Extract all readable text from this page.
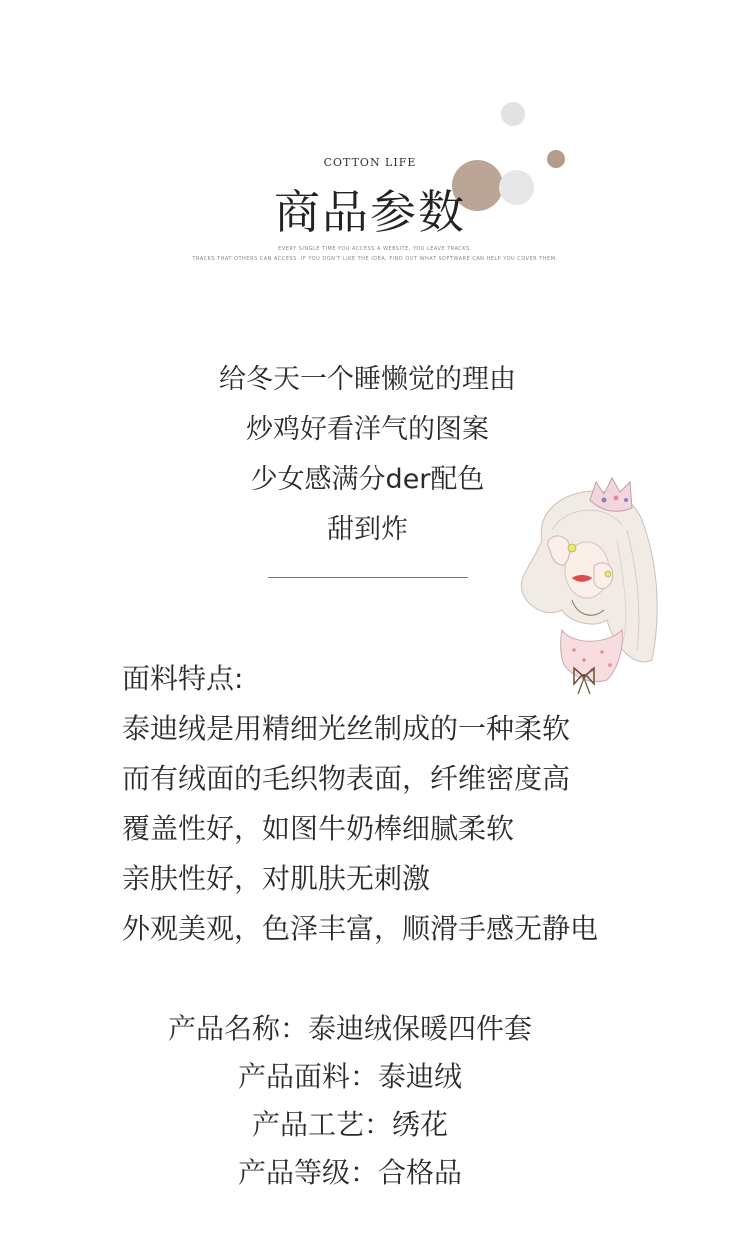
COTTON LIFE
商品参数
EVERY SINGLE TIME YOU ACCESS A WEBSITE, YOU LEAVE TRACKS.
TRACKS THAT OTHERS CAN ACCESS. IF YOU DON'T LIKE THE IDEA, FIND OUT WHAT SOFTWARE CAN HELP YOU COVER THEM.
给冬天一个睡懒觉的理由
炒鸡好看洋气的图案
少女感满分der配色
甜到炸
面料特点:
泰迪绒是用精细光丝制成的一种柔软
而有绒面的毛织物表面，纤维密度高
覆盖性好，如图牛奶棒细腻柔软
亲肤性好，对肌肤无刺激
外观美观，色泽丰富，顺滑手感无静电
产品名称：泰迪绒保暖四件套
产品面料：泰迪绒
产品工艺：绣花
产品等级：合格品
